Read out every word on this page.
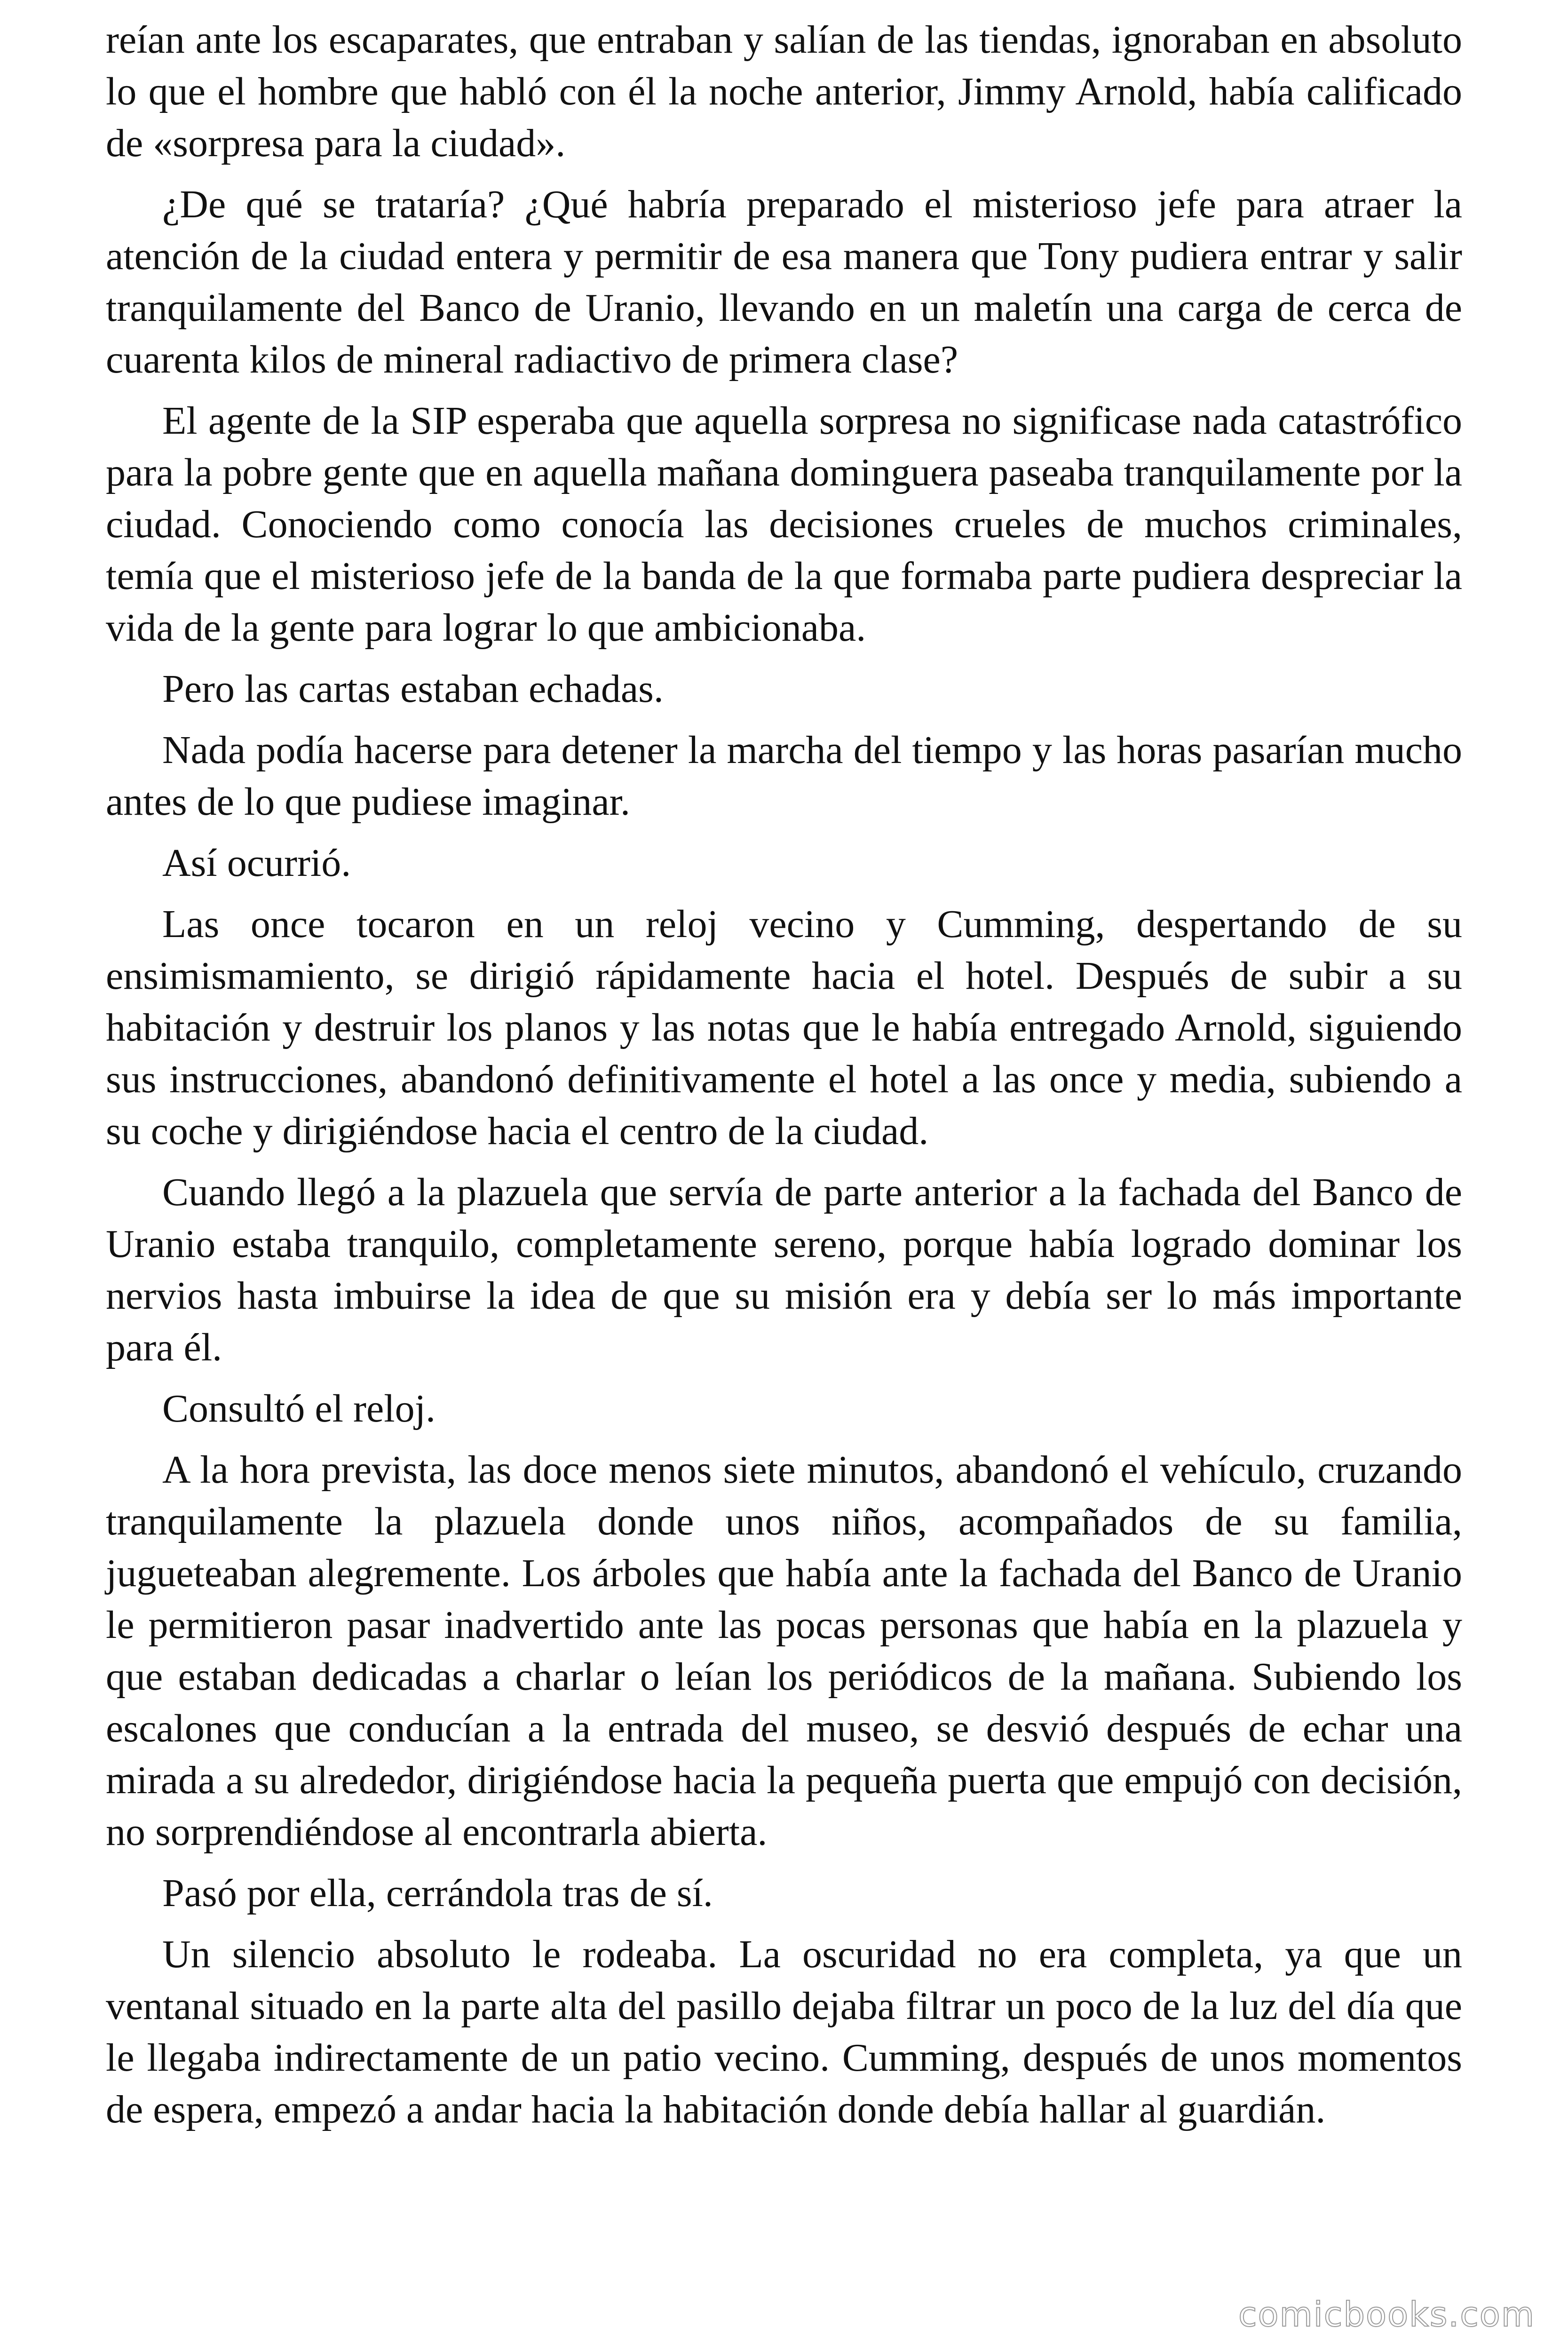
reían ante los escaparates, que entraban y salían de las tiendas, ignoraban en absoluto lo que el hombre que habló con él la noche anterior, Jimmy Arnold, había calificado de «sorpresa para la ciudad».

¿De qué se trataría? ¿Qué habría preparado el misterioso jefe para atraer la atención de la ciudad entera y permitir de esa manera que Tony pudiera entrar y salir tranquilamente del Banco de Uranio, llevando en un maletín una carga de cerca de cuarenta kilos de mineral radiactivo de primera clase?

El agente de la SIP esperaba que aquella sorpresa no significase nada catastrófico para la pobre gente que en aquella mañana dominguera paseaba tranquilamente por la ciudad. Conociendo como conocía las decisiones crueles de muchos criminales, temía que el misterioso jefe de la banda de la que formaba parte pudiera despreciar la vida de la gente para lograr lo que ambicionaba.

Pero las cartas estaban echadas.

Nada podía hacerse para detener la marcha del tiempo y las horas pasarían mucho antes de lo que pudiese imaginar.

Así ocurrió.

Las once tocaron en un reloj vecino y Cumming, despertando de su ensimismamiento, se dirigió rápidamente hacia el hotel. Después de subir a su habitación y destruir los planos y las notas que le había entregado Arnold, siguiendo sus instrucciones, abandonó definitivamente el hotel a las once y media, subiendo a su coche y dirigiéndose hacia el centro de la ciudad.

Cuando llegó a la plazuela que servía de parte anterior a la fachada del Banco de Uranio estaba tranquilo, completamente sereno, porque había logrado dominar los nervios hasta imbuirse la idea de que su misión era y debía ser lo más importante para él.

Consultó el reloj.

A la hora prevista, las doce menos siete minutos, abandonó el vehículo, cruzando tranquilamente la plazuela donde unos niños, acompañados de su familia, jugueteaban alegremente. Los árboles que había ante la fachada del Banco de Uranio le permitieron pasar inadvertido ante las pocas personas que había en la plazuela y que estaban dedicadas a charlar o leían los periódicos de la mañana. Subiendo los escalones que conducían a la entrada del museo, se desvió después de echar una mirada a su alrededor, dirigiéndose hacia la pequeña puerta que empujó con decisión, no sorprendiéndose al encontrarla abierta.

Pasó por ella, cerrándola tras de sí.

Un silencio absoluto le rodeaba. La oscuridad no era completa, ya que un ventanal situado en la parte alta del pasillo dejaba filtrar un poco de la luz del día que le llegaba indirectamente de un patio vecino. Cumming, después de unos momentos de espera, empezó a andar hacia la habitación donde debía hallar al guardián.

comicbooks.com
